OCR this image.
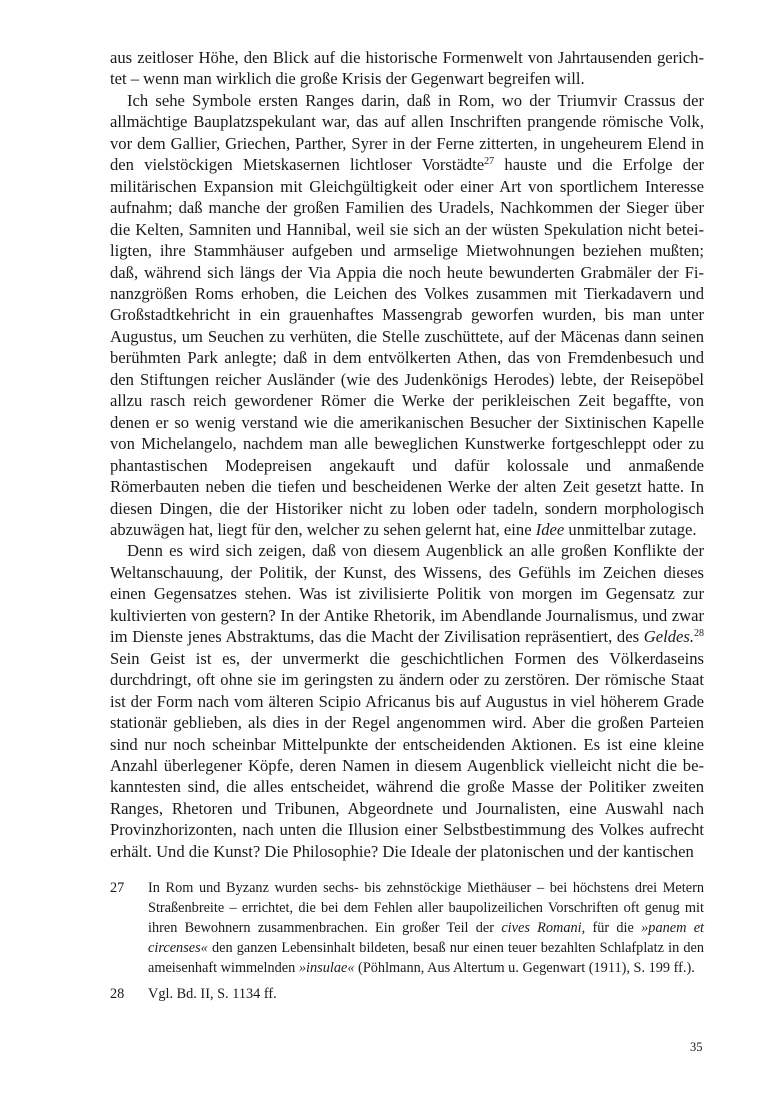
aus zeitloser Höhe, den Blick auf die historische Formenwelt von Jahrtausenden gerichtet – wenn man wirklich die große Krisis der Gegenwart begreifen will.

Ich sehe Symbole ersten Ranges darin, daß in Rom, wo der Triumvir Crassus der allmächtige Bauplatzspekulant war, das auf allen Inschriften prangende römische Volk, vor dem Gallier, Griechen, Parther, Syrer in der Ferne zitterten, in ungeheurem Elend in den vielstöckigen Mietskasernen lichtloser Vorstädte$^{27}$ hauste und die Erfolge der militärischen Expansion mit Gleichgültigkeit oder einer Art von sportlichem Interesse aufnahm; daß manche der großen Familien des Uradels, Nachkommen der Sieger über die Kelten, Samniten und Hannibal, weil sie sich an der wüsten Spekulation nicht beteiligten, ihre Stammhäuser aufgeben und armselige Mietwohnungen beziehen mußten; daß, während sich längs der Via Appia die noch heute bewunderten Grabmäler der Finanzgrößen Roms erhoben, die Leichen des Volkes zusammen mit Tierkadavern und Großstadtkehricht in ein grauenhaftes Massengrab geworfen wurden, bis man unter Augustus, um Seuchen zu verhüten, die Stelle zuschüttete, auf der Mäcenas dann seinen berühmten Park anlegte; daß in dem entvölkerten Athen, das von Fremdenbesuch und den Stiftungen reicher Ausländer (wie des Judenkönigs Herodes) lebte, der Reisepöbel allzu rasch reich gewordener Römer die Werke der perikleischen Zeit begaffte, von denen er so wenig verstand wie die amerikanischen Besucher der Sixtinischen Kapelle von Michelangelo, nachdem man alle beweglichen Kunstwerke fortgeschleppt oder zu phantastischen Modepreisen angekauft und dafür kolossale und anmaßende Römerbauten neben die tiefen und bescheidenen Werke der alten Zeit gesetzt hatte. In diesen Dingen, die der Historiker nicht zu loben oder tadeln, sondern morphologisch abzuwägen hat, liegt für den, welcher zu sehen gelernt hat, eine Idee unmittelbar zutage.

Denn es wird sich zeigen, daß von diesem Augenblick an alle großen Konflikte der Weltanschauung, der Politik, der Kunst, des Wissens, des Gefühls im Zeichen dieses einen Gegensatzes stehen. Was ist zivilisierte Politik von morgen im Gegensatz zur kultivierten von gestern? In der Antike Rhetorik, im Abendlande Journalismus, und zwar im Dienste jenes Abstraktums, das die Macht der Zivilisation repräsentiert, des Geldes.$^{28}$ Sein Geist ist es, der unvermerkt die geschichtlichen Formen des Völkerdaseins durchdringt, oft ohne sie im geringsten zu ändern oder zu zerstören. Der römische Staat ist der Form nach vom älteren Scipio Africanus bis auf Augustus in viel höherem Grade stationär geblieben, als dies in der Regel angenommen wird. Aber die großen Parteien sind nur noch scheinbar Mittelpunkte der entscheidenden Aktionen. Es ist eine kleine Anzahl überlegener Köpfe, deren Namen in diesem Augenblick vielleicht nicht die bekanntesten sind, die alles entscheidet, während die große Masse der Politiker zweiten Ranges, Rhetoren und Tribunen, Abgeordnete und Journalisten, eine Auswahl nach Provinzhorizonten, nach unten die Illusion einer Selbstbestimmung des Volkes aufrecht erhält. Und die Kunst? Die Philosophie? Die Ideale der platonischen und der kantischen

27	In Rom und Byzanz wurden sechs- bis zehnstöckige Miethäuser – bei höchstens drei Metern Straßenbreite – errichtet, die bei dem Fehlen aller baupolizeilichen Vorschriften oft genug mit ihren Bewohnern zusammenbrachen. Ein großer Teil der cives Romani, für die »panem et circenses« den ganzen Lebensinhalt bildeten, besaß nur einen teuer bezahlten Schlafplatz in den ameisenhaft wimmelnden »insulae« (Pöhlmann, Aus Altertum u. Gegenwart (1911), S. 199 ff.).
28	Vgl. Bd. II, S. 1134 ff.
35
